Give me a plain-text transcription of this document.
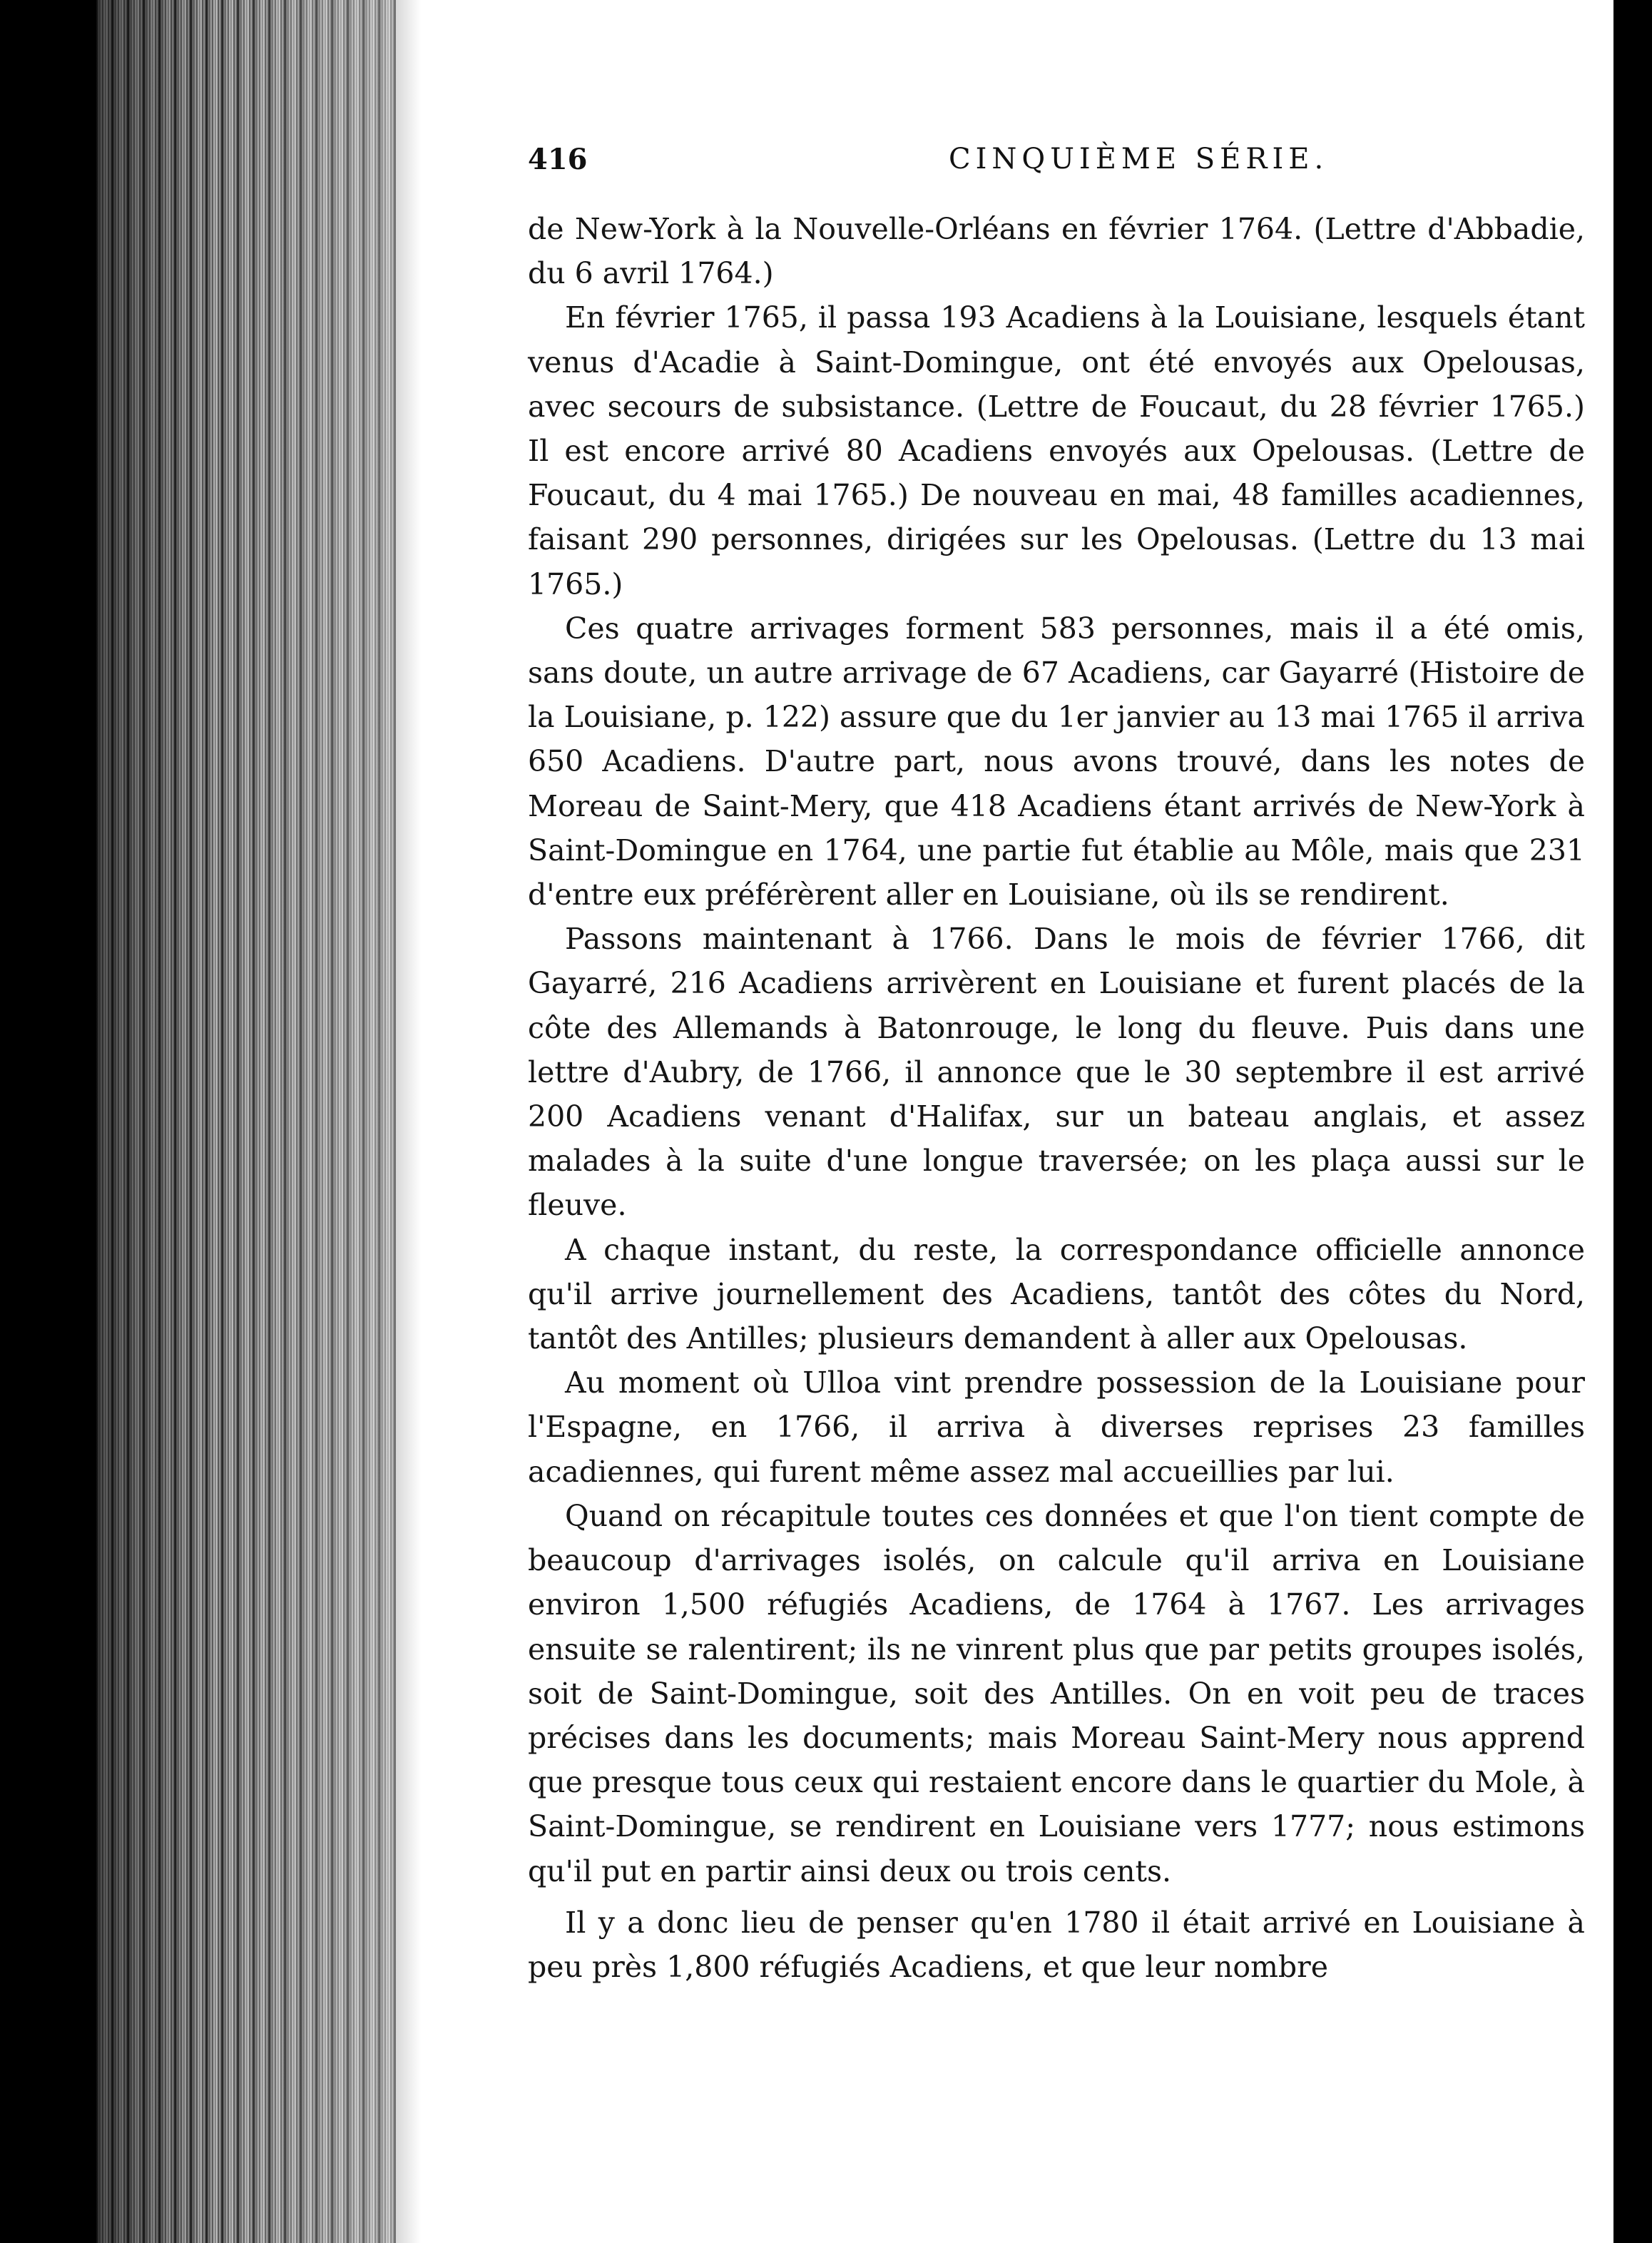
416	CINQUIÈME SÉRIE.

de New-York à la Nouvelle-Orléans en février 1764. (Lettre d'Abbadie, du 6 avril 1764.)

En février 1765, il passa 193 Acadiens à la Louisiane, lesquels étant venus d'Acadie à Saint-Domingue, ont été envoyés aux Opelousas, avec secours de subsistance. (Lettre de Foucaut, du 28 février 1765.) Il est encore arrivé 80 Acadiens envoyés aux Opelousas. (Lettre de Foucaut, du 4 mai 1765.) De nouveau en mai, 48 familles acadiennes, faisant 290 personnes, dirigées sur les Opelousas. (Lettre du 13 mai 1765.)

Ces quatre arrivages forment 583 personnes, mais il a été omis, sans doute, un autre arrivage de 67 Acadiens, car Gayarré (Histoire de la Louisiane, p. 122) assure que du 1er janvier au 13 mai 1765 il arriva 650 Acadiens. D'autre part, nous avons trouvé, dans les notes de Moreau de Saint-Mery, que 418 Acadiens étant arrivés de New-York à Saint-Domingue en 1764, une partie fut établie au Môle, mais que 231 d'entre eux préférèrent aller en Louisiane, où ils se rendirent.

Passons maintenant à 1766. Dans le mois de février 1766, dit Gayarré, 216 Acadiens arrivèrent en Louisiane et furent placés de la côte des Allemands à Batonrouge, le long du fleuve. Puis dans une lettre d'Aubry, de 1766, il annonce que le 30 septembre il est arrivé 200 Acadiens venant d'Halifax, sur un bateau anglais, et assez malades à la suite d'une longue traversée; on les plaça aussi sur le fleuve.

A chaque instant, du reste, la correspondance officielle annonce qu'il arrive journellement des Acadiens, tantôt des côtes du Nord, tantôt des Antilles; plusieurs demandent à aller aux Opelousas.

Au moment où Ulloa vint prendre possession de la Louisiane pour l'Espagne, en 1766, il arriva à diverses reprises 23 familles acadiennes, qui furent même assez mal accueillies par lui.

Quand on récapitule toutes ces données et que l'on tient compte de beaucoup d'arrivages isolés, on calcule qu'il arriva en Louisiane environ 1,500 réfugiés Acadiens, de 1764 à 1767. Les arrivages ensuite se ralentirent; ils ne vinrent plus que par petits groupes isolés, soit de Saint-Domingue, soit des Antilles. On en voit peu de traces précises dans les documents; mais Moreau Saint-Mery nous apprend que presque tous ceux qui restaient encore dans le quartier du Mole, à Saint-Domingue, se rendirent en Louisiane vers 1777; nous estimons qu'il put en partir ainsi deux ou trois cents.

Il y a donc lieu de penser qu'en 1780 il était arrivé en Louisiane à peu près 1,800 réfugiés Acadiens, et que leur nombre
